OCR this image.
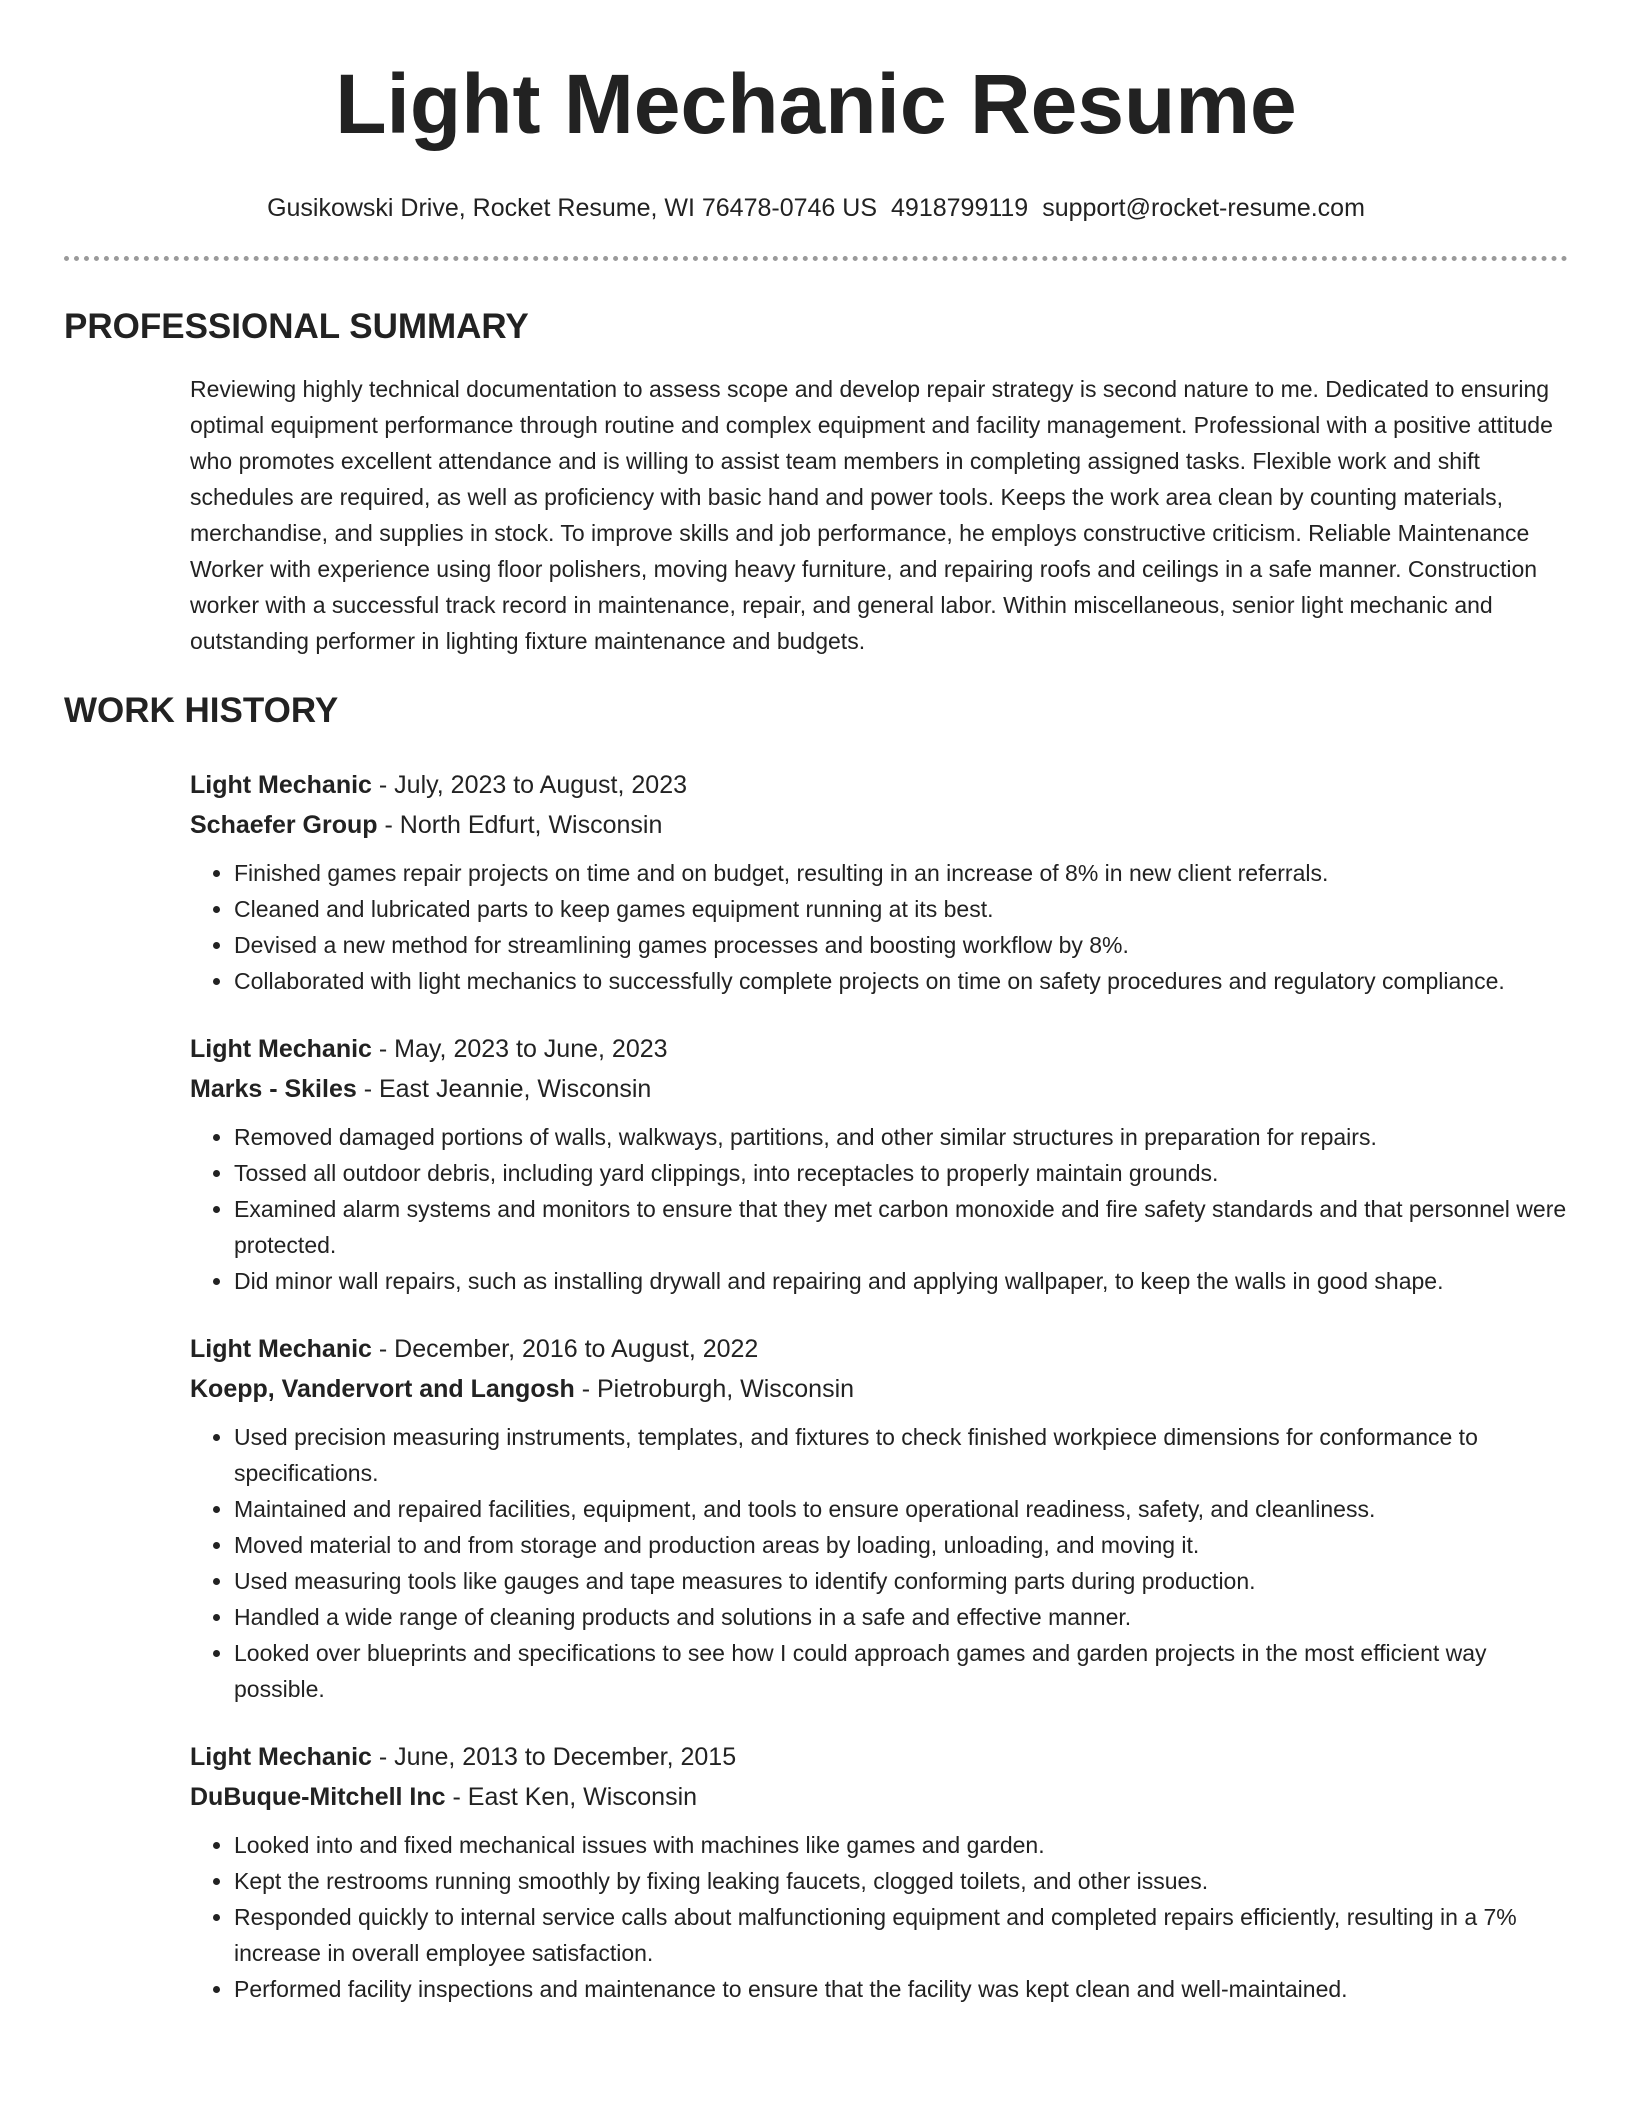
Light Mechanic Resume
Gusikowski Drive, Rocket Resume, WI 76478-0746 US 4918799119 support@rocket-resume.com
PROFESSIONAL SUMMARY

Reviewing highly technical documentation to assess scope and develop repair strategy is second nature to me. Dedicated to ensuring optimal equipment performance through routine and complex equipment and facility management. Professional with a positive attitude who promotes excellent attendance and is willing to assist team members in completing assigned tasks. Flexible work and shift schedules are required, as well as proficiency with basic hand and power tools. Keeps the work area clean by counting materials, merchandise, and supplies in stock. To improve skills and job performance, he employs constructive criticism. Reliable Maintenance Worker with experience using floor polishers, moving heavy furniture, and repairing roofs and ceilings in a safe manner. Construction worker with a successful track record in maintenance, repair, and general labor. Within miscellaneous, senior light mechanic and outstanding performer in lighting fixture maintenance and budgets.

WORK HISTORY
Light Mechanic - July, 2023 to August, 2023
Schaefer Group - North Edfurt, Wisconsin
• Finished games repair projects on time and on budget, resulting in an increase of 8% in new client referrals.
• Cleaned and lubricated parts to keep games equipment running at its best.
• Devised a new method for streamlining games processes and boosting workflow by 8%.
• Collaborated with light mechanics to successfully complete projects on time on safety procedures and regulatory compliance.
Light Mechanic - May, 2023 to June, 2023
Marks - Skiles - East Jeannie, Wisconsin
• Removed damaged portions of walls, walkways, partitions, and other similar structures in preparation for repairs.
• Tossed all outdoor debris, including yard clippings, into receptacles to properly maintain grounds.
• Examined alarm systems and monitors to ensure that they met carbon monoxide and fire safety standards and that personnel were protected.
• Did minor wall repairs, such as installing drywall and repairing and applying wallpaper, to keep the walls in good shape.
Light Mechanic - December, 2016 to August, 2022
Koepp, Vandervort and Langosh - Pietroburgh, Wisconsin
• Used precision measuring instruments, templates, and fixtures to check finished workpiece dimensions for conformance to specifications.
• Maintained and repaired facilities, equipment, and tools to ensure operational readiness, safety, and cleanliness.
• Moved material to and from storage and production areas by loading, unloading, and moving it.
• Used measuring tools like gauges and tape measures to identify conforming parts during production.
• Handled a wide range of cleaning products and solutions in a safe and effective manner.
• Looked over blueprints and specifications to see how I could approach games and garden projects in the most efficient way possible.
Light Mechanic - June, 2013 to December, 2015
DuBuque-Mitchell Inc - East Ken, Wisconsin
• Looked into and fixed mechanical issues with machines like games and garden.
• Kept the restrooms running smoothly by fixing leaking faucets, clogged toilets, and other issues.
• Responded quickly to internal service calls about malfunctioning equipment and completed repairs efficiently, resulting in a 7% increase in overall employee satisfaction.
• Performed facility inspections and maintenance to ensure that the facility was kept clean and well-maintained.
